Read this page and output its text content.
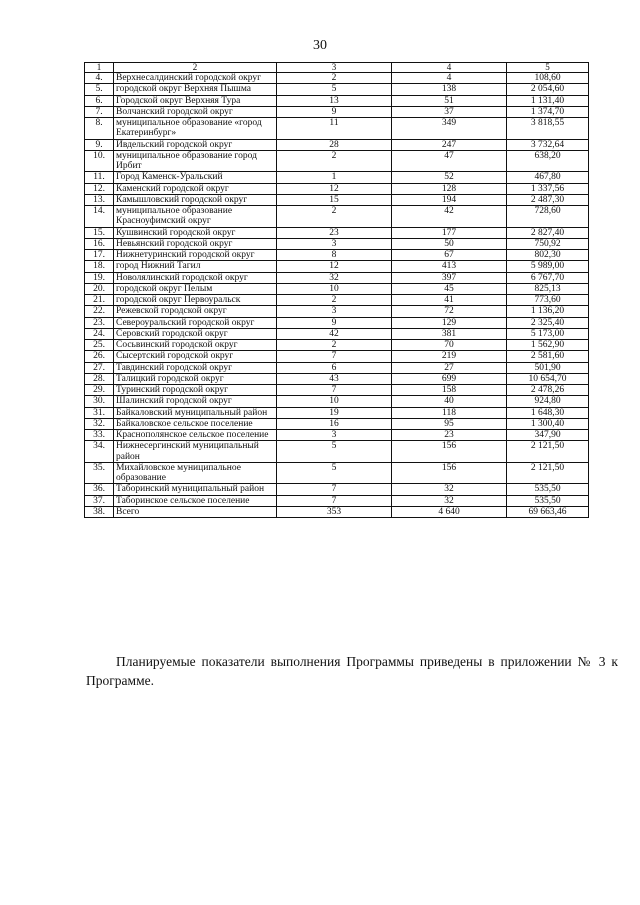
30
1	2	3	4	5
4.	Верхнесалдинский городской округ	2	4	108,60
5.	городской округ Верхняя Пышма	5	138	2 054,60
6.	Городской округ Верхняя Тура	13	51	1 131,40
7.	Волчанский городской округ	9	37	1 374,70
8.	муниципальное образование «город Екатеринбург»	11	349	3 818,55
9.	Ивдельский городской округ	28	247	3 732,64
10.	муниципальное образование город Ирбит	2	47	638,20
11.	Город Каменск-Уральский	1	52	467,80
12.	Каменский городской округ	12	128	1 337,56
13.	Камышловский городской округ	15	194	2 487,30
14.	муниципальное образование Красноуфимский округ	2	42	728,60
15.	Кушвинский городской округ	23	177	2 827,40
16.	Невьянский городской округ	3	50	750,92
17.	Нижнетуринский городской округ	8	67	802,30
18.	город Нижний Тагил	12	413	5 989,00
19.	Новолялинский городской округ	32	397	6 767,70
20.	городской округ Пелым	10	45	825,13
21.	городской округ Первоуральск	2	41	773,60
22.	Режевской городской округ	3	72	1 136,20
23.	Североуральский городской округ	9	129	2 325,40
24.	Серовский городской округ	42	381	5 173,00
25.	Сосьвинский городской округ	2	70	1 562,90
26.	Сысертский городской округ	7	219	2 581,60
27.	Тавдинский городской округ	6	27	501,90
28.	Талицкий городской округ	43	699	10 654,70
29.	Туринский городской округ	7	158	2 478,26
30.	Шалинский городской округ	10	40	924,80
31.	Байкаловский муниципальный район	19	118	1 648,30
32.	Байкаловское сельское поселение	16	95	1 300,40
33.	Краснополянское сельское поселение	3	23	347,90
34.	Нижнесергинский муниципальный район	5	156	2 121,50
35.	Михайловское муниципальное образование	5	156	2 121,50
36.	Таборинский муниципальный район	7	32	535,50
37.	Таборинское сельское поселение	7	32	535,50
38.	Всего	353	4 640	69 663,46
Планируемые показатели выполнения Программы приведены в приложении № 3 к Программе.
